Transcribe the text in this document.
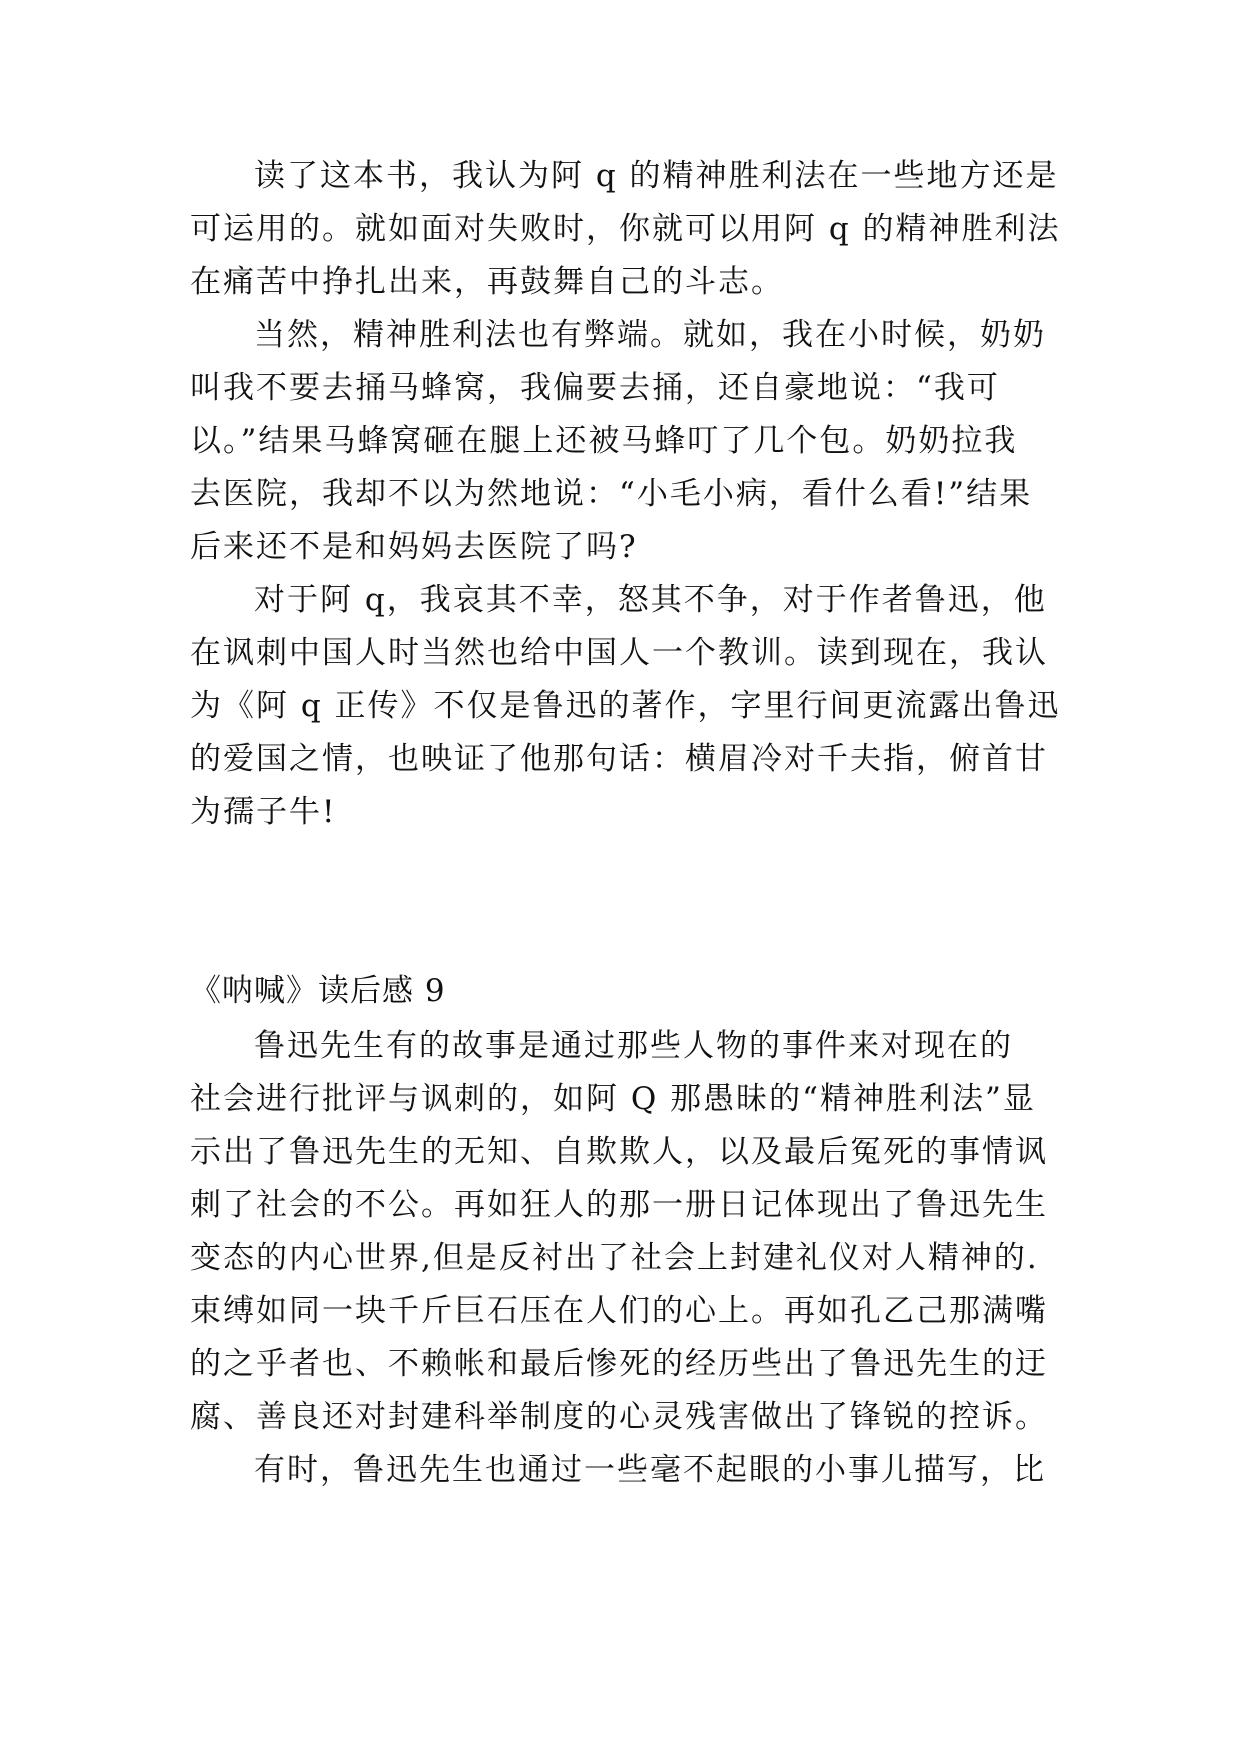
读了这本书，我认为阿 q 的精神胜利法在一些地方还是
可运用的。就如面对失败时，你就可以用阿 q 的精神胜利法
在痛苦中挣扎出来，再鼓舞自己的斗志。
当然，精神胜利法也有弊端。就如，我在小时候，奶奶
叫我不要去捅马蜂窝，我偏要去捅，还自豪地说：“我可
以。”结果马蜂窝砸在腿上还被马蜂叮了几个包。奶奶拉我
去医院，我却不以为然地说：“小毛小病，看什么看!”结果
后来还不是和妈妈去医院了吗?
对于阿 q，我哀其不幸，怒其不争，对于作者鲁迅，他
在讽刺中国人时当然也给中国人一个教训。读到现在，我认
为《阿 q 正传》不仅是鲁迅的著作，字里行间更流露出鲁迅
的爱国之情，也映证了他那句话：横眉冷对千夫指，俯首甘
为孺子牛!
《呐喊》读后感 9
鲁迅先生有的故事是通过那些人物的事件来对现在的
社会进行批评与讽刺的，如阿 Q 那愚昧的“精神胜利法”显
示出了鲁迅先生的无知、自欺欺人，以及最后冤死的事情讽
刺了社会的不公。再如狂人的那一册日记体现出了鲁迅先生
变态的内心世界,但是反衬出了社会上封建礼仪对人精神的.
束缚如同一块千斤巨石压在人们的心上。再如孔乙己那满嘴
的之乎者也、不赖帐和最后惨死的经历些出了鲁迅先生的迂
腐、善良还对封建科举制度的心灵残害做出了锋锐的控诉。
有时，鲁迅先生也通过一些毫不起眼的小事儿描写，比
